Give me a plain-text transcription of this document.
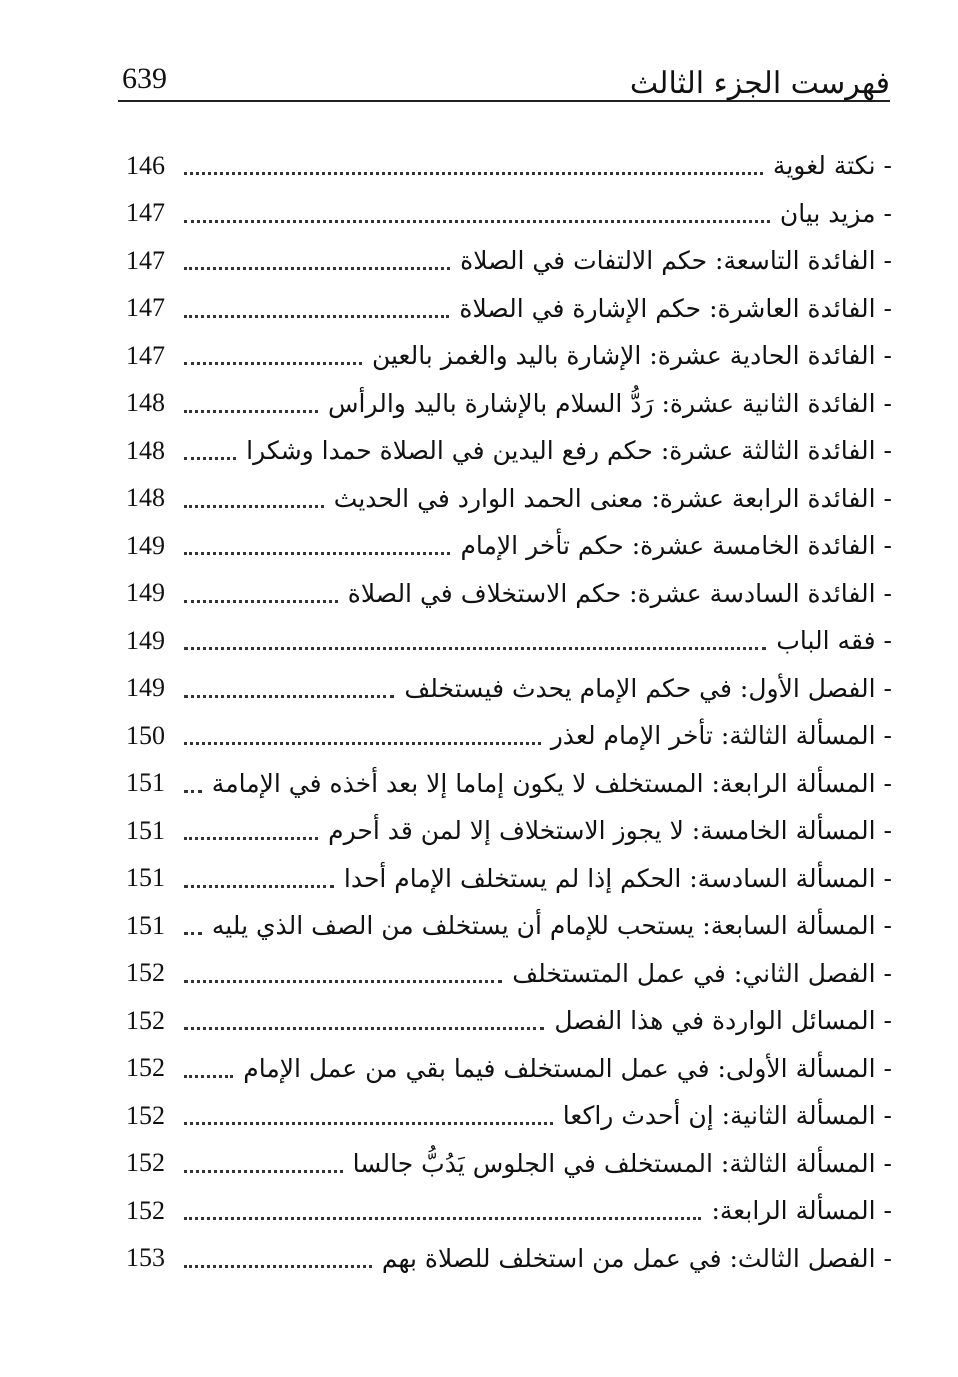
فهرست الجزء الثالث
639
-
نكتة لغوية
146
-
مزيد بيان
147
-
الفائدة التاسعة: حكم الالتفات في الصلاة
147
-
الفائدة العاشرة: حكم الإشارة في الصلاة
147
-
الفائدة الحادية عشرة: الإشارة باليد والغمز بالعين
147
-
الفائدة الثانية عشرة: رَدُّ السلام بالإشارة باليد والرأس
148
-
الفائدة الثالثة عشرة: حكم رفع اليدين في الصلاة حمدا وشكرا
148
-
الفائدة الرابعة عشرة: معنى الحمد الوارد في الحديث
148
-
الفائدة الخامسة عشرة: حكم تأخر الإمام
149
-
الفائدة السادسة عشرة: حكم الاستخلاف في الصلاة
149
-
فقه الباب
149
-
الفصل الأول: في حكم الإمام يحدث فيستخلف
149
-
المسألة الثالثة: تأخر الإمام لعذر
150
-
المسألة الرابعة: المستخلف لا يكون إماما إلا بعد أخذه في الإمامة
151
-
المسألة الخامسة: لا يجوز الاستخلاف إلا لمن قد أحرم
151
-
المسألة السادسة: الحكم إذا لم يستخلف الإمام أحدا
151
-
المسألة السابعة: يستحب للإمام أن يستخلف من الصف الذي يليه
151
-
الفصل الثاني: في عمل المتستخلف
152
-
المسائل الواردة في هذا الفصل
152
-
المسألة الأولى: في عمل المستخلف فيما بقي من عمل الإمام
152
-
المسألة الثانية: إن أحدث راكعا
152
-
المسألة الثالثة: المستخلف في الجلوس يَدُبُّ جالسا
152
-
المسألة الرابعة:
152
-
الفصل الثالث: في عمل من استخلف للصلاة بهم
153
